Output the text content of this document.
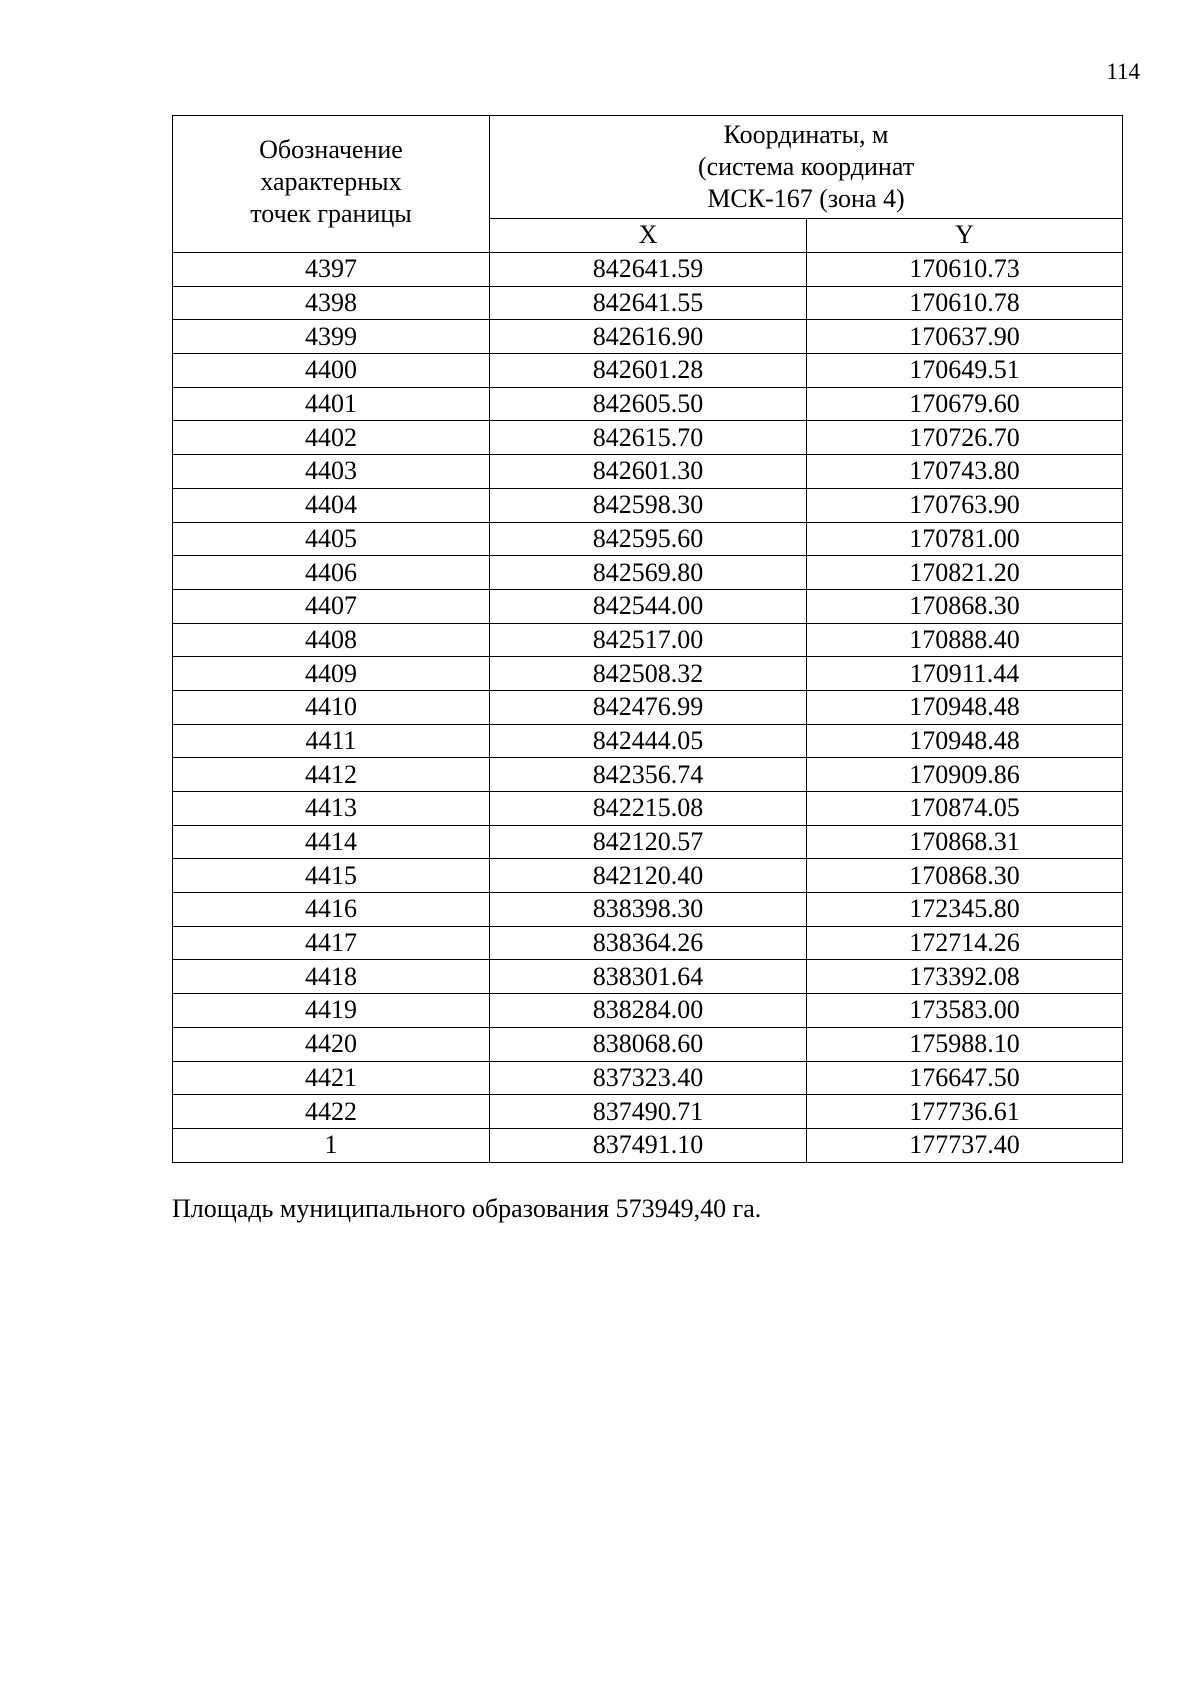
114
Обозначение
характерных
точек границы	Координаты, м
(система координат
МСК-167 (зона 4)	

	X	Y
4397	842641.59	170610.73
4398	842641.55	170610.78
4399	842616.90	170637.90
4400	842601.28	170649.51
4401	842605.50	170679.60
4402	842615.70	170726.70
4403	842601.30	170743.80
4404	842598.30	170763.90
4405	842595.60	170781.00
4406	842569.80	170821.20
4407	842544.00	170868.30
4408	842517.00	170888.40
4409	842508.32	170911.44
4410	842476.99	170948.48
4411	842444.05	170948.48
4412	842356.74	170909.86
4413	842215.08	170874.05
4414	842120.57	170868.31
4415	842120.40	170868.30
4416	838398.30	172345.80
4417	838364.26	172714.26
4418	838301.64	173392.08
4419	838284.00	173583.00
4420	838068.60	175988.10
4421	837323.40	176647.50
4422	837490.71	177736.61
1	837491.10	177737.40
Площадь муниципального образования 573949,40 га.
